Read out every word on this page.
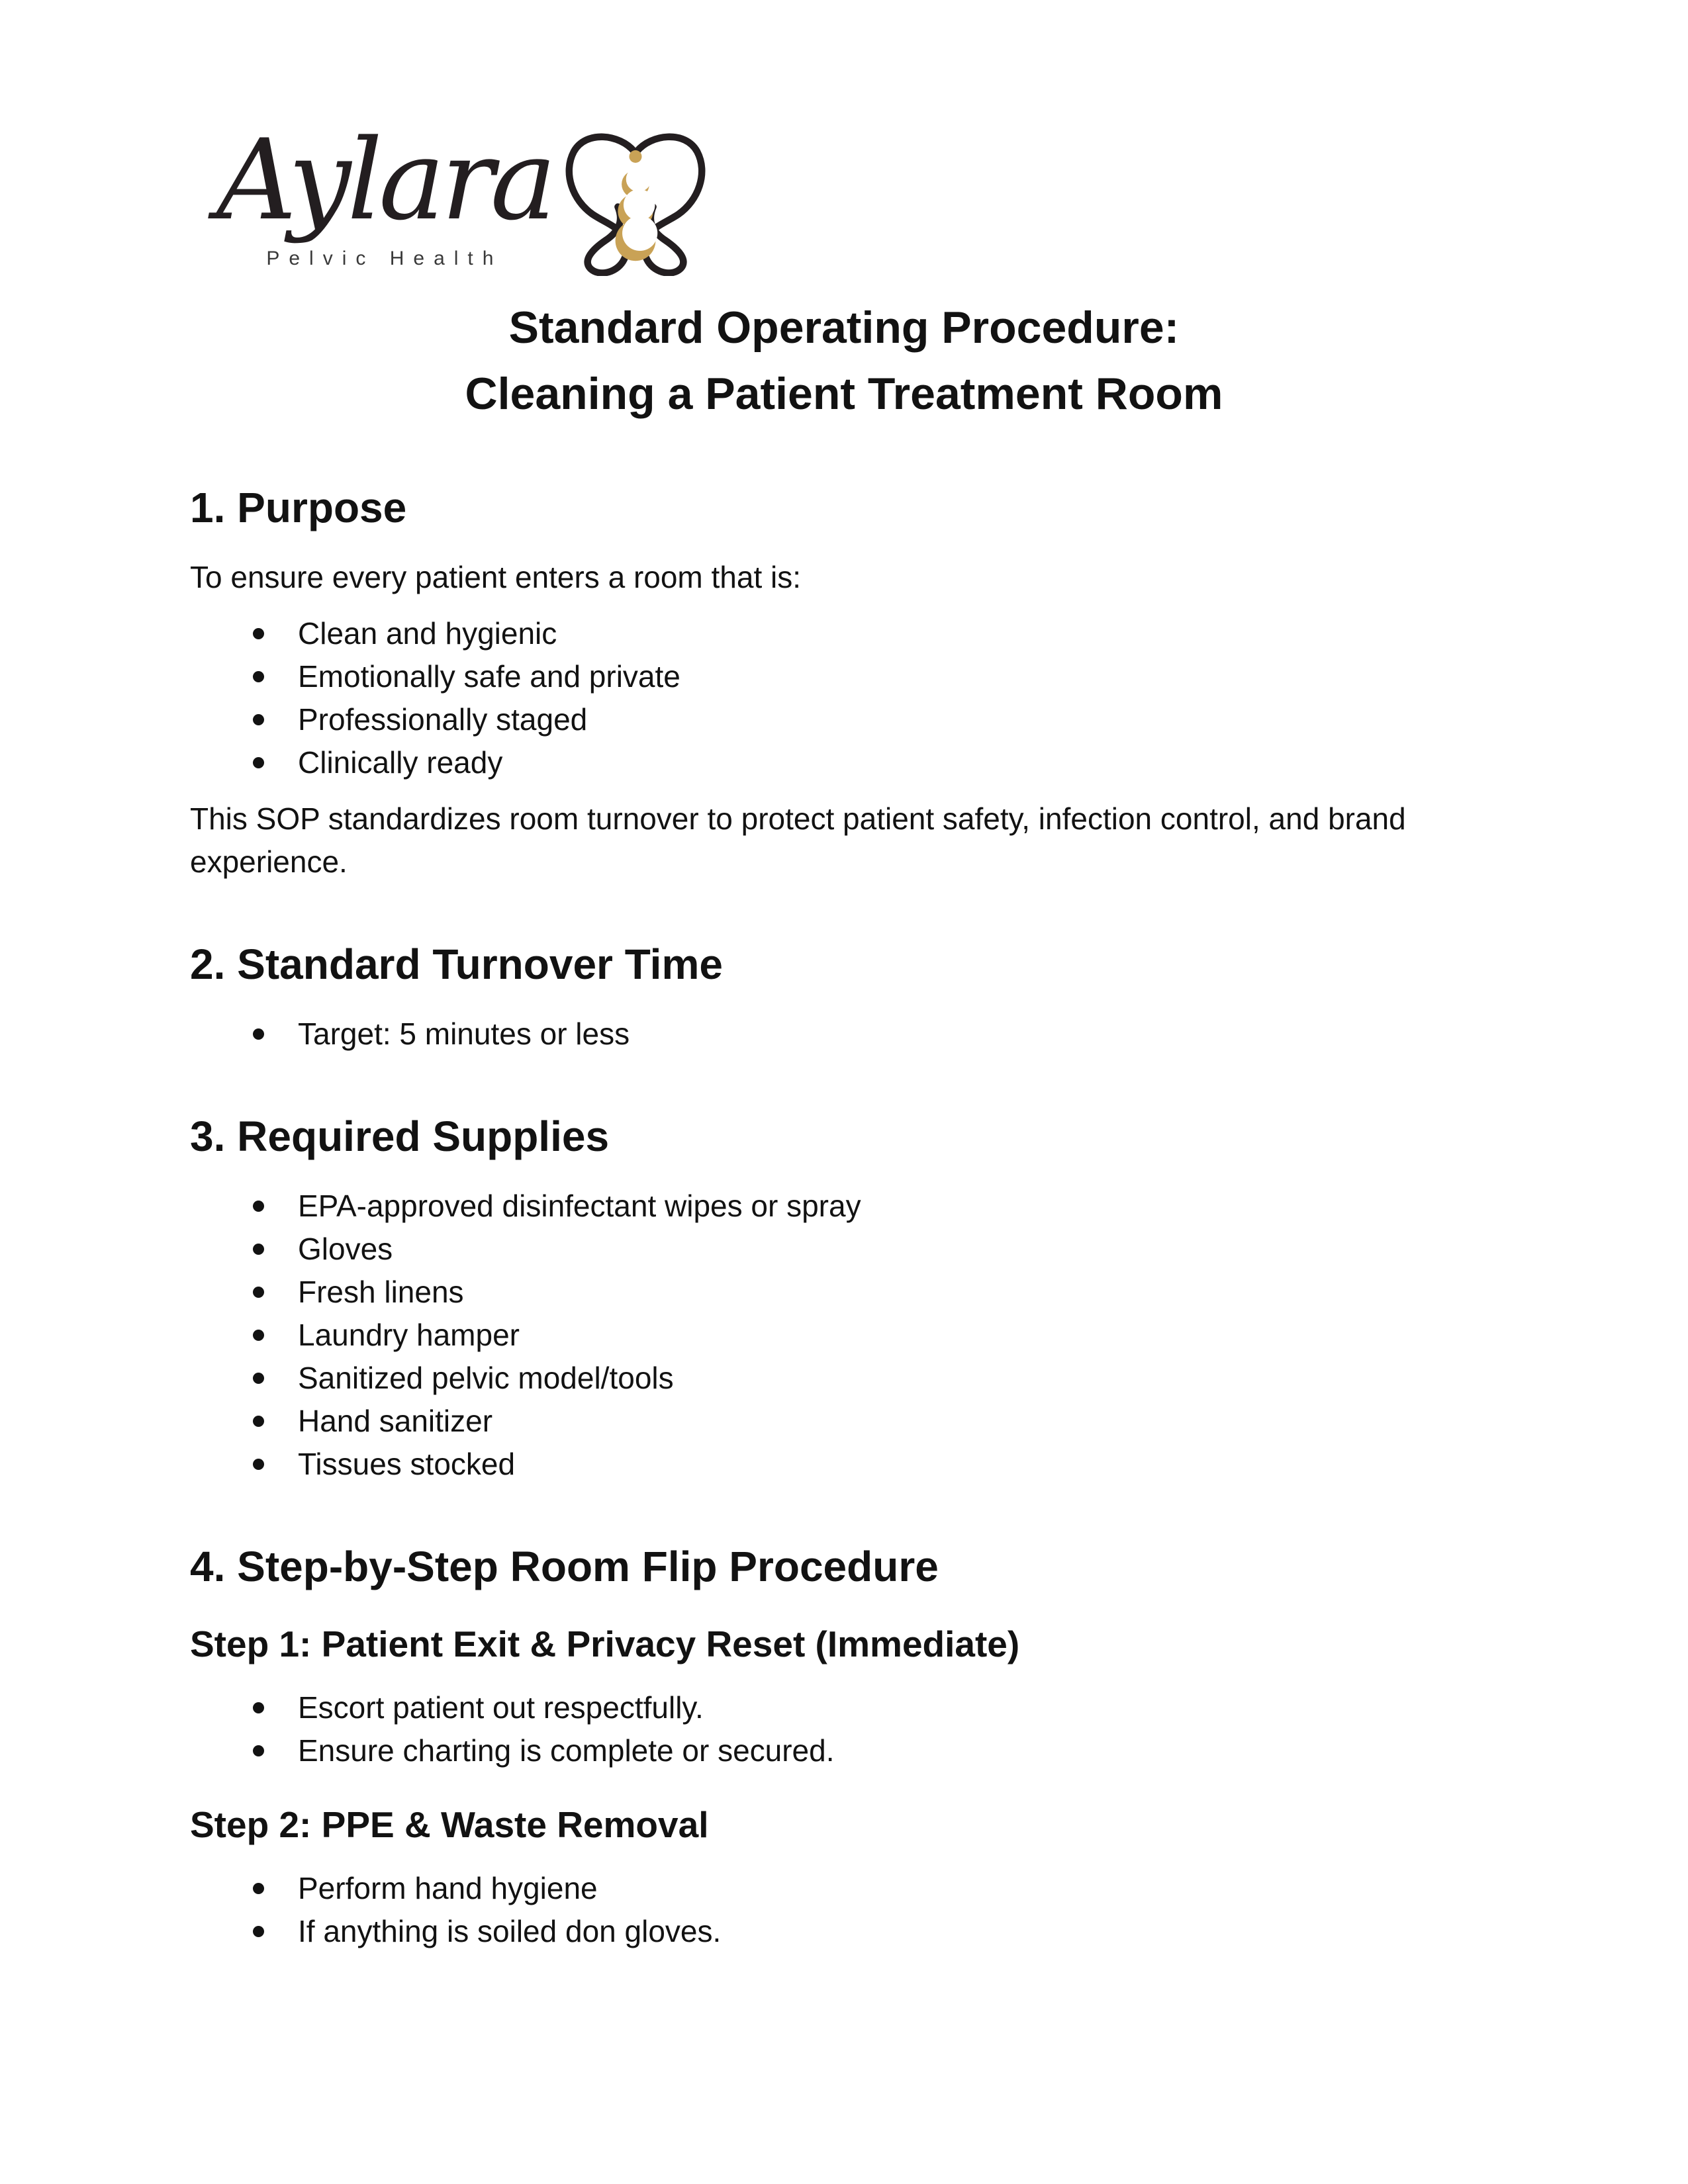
Aylara
Pelvic Health
Standard Operating Procedure:
Cleaning a Patient Treatment Room
1. Purpose

To ensure every patient enters a room that is:

Clean and hygienic
Emotionally safe and private
Professionally staged
Clinically ready

This SOP standardizes room turnover to protect patient safety, infection control, and brand experience.

2. Standard Turnover Time
Target: 5 minutes or less
3. Required Supplies
EPA-approved disinfectant wipes or spray
Gloves
Fresh linens
Laundry hamper
Sanitized pelvic model/tools
Hand sanitizer
Tissues stocked
4. Step-by-Step Room Flip Procedure
Step 1: Patient Exit & Privacy Reset (Immediate)
Escort patient out respectfully.
Ensure charting is complete or secured.
Step 2: PPE & Waste Removal
Perform hand hygiene
If anything is soiled don gloves.
